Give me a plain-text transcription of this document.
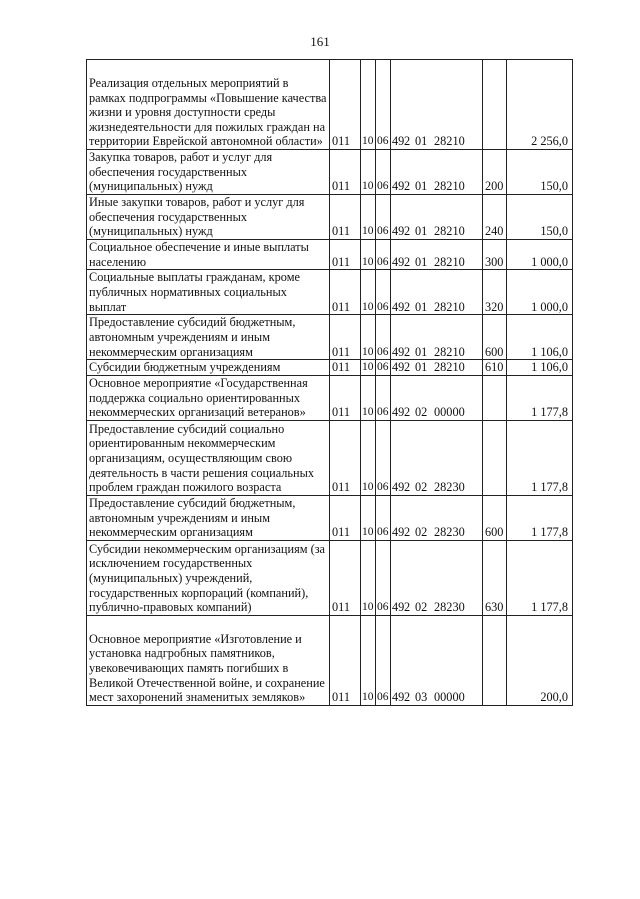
161
Реализация отдельных мероприятий в рамках подпрограммы «Повышение качества жизни и уровня доступности среды жизнедеятельности для пожилых граждан на территории Еврейской автономной области»	011	10	06	492 01 28210		2 256,0
Закупка товаров, работ и услуг для обеспечения государственных (муниципальных) нужд	011	10	06	492 01 28210	200	150,0
Иные закупки товаров, работ и услуг для обеспечения государственных (муниципальных) нужд	011	10	06	492 01 28210	240	150,0
Социальное обеспечение и иные выплаты населению	011	10	06	492 01 28210	300	1 000,0
Социальные выплаты гражданам, кроме публичных нормативных социальных выплат	011	10	06	492 01 28210	320	1 000,0
Предоставление субсидий бюджетным, автономным учреждениям и иным некоммерческим организациям	011	10	06	492 01 28210	600	1 106,0
Субсидии бюджетным учреждениям	011	10	06	492 01 28210	610	1 106,0
Основное мероприятие «Государственная поддержка социально ориентированных некоммерческих организаций ветеранов»	011	10	06	492 02 00000		1 177,8
Предоставление субсидий социально ориентированным некоммерческим организациям, осуществляющим свою деятельность в части решения социальных проблем граждан пожилого возраста	011	10	06	492 02 28230		1 177,8
Предоставление субсидий бюджетным, автономным учреждениям и иным некоммерческим организациям	011	10	06	492 02 28230	600	1 177,8
Субсидии некоммерческим организациям (за исключением государственных (муниципальных) учреждений, государственных корпораций (компаний), публично-правовых компаний)	011	10	06	492 02 28230	630	1 177,8
Основное мероприятие «Изготовление и установка надгробных памятников, увековечивающих память погибших в Великой Отечественной войне, и сохранение мест захоронений знаменитых земляков»	011	10	06	492 03 00000		200,0
